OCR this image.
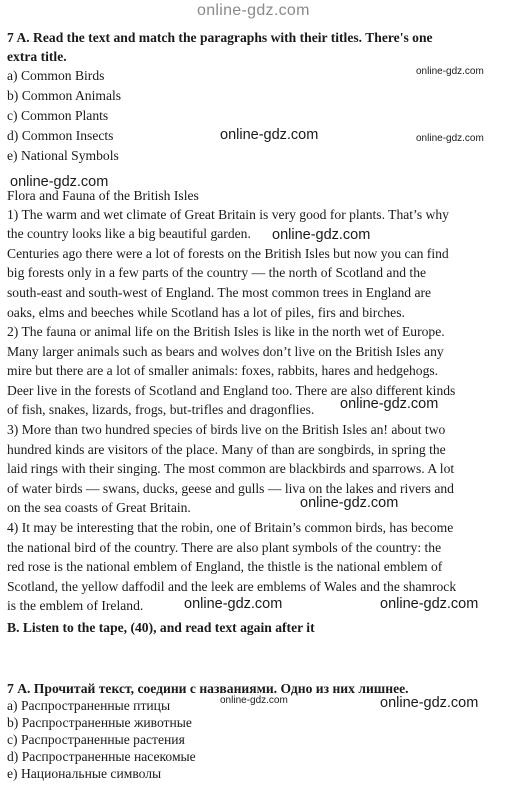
online-gdz.com
online-gdz.com
online-gdz.com	online-gdz.com
online-gdz.com
online-gdz.com
online-gdz.com
online-gdz.com
online-gdz.com	online-gdz.com
online-gdz.com	online-gdz.com
7 A. Read the text and match the paragraphs with their titles. There's one
extra title.
a) Common Birds
b) Common Animals
c) Common Plants
d) Common Insects
e) National Symbols
Flora and Fauna of the British Isles
1) The warm and wet climate of Great Britain is very good for plants. That’s why
the country looks like a big beautiful garden.
Centuries ago there were a lot of forests on the British Isles but now you can find
big forests only in a few parts of the country — the north of Scotland and the
south-east and south-west of England. The most common trees in England are
oaks, elms and beeches while Scotland has a lot of piles, firs and birches.
2) The fauna or animal life on the British Isles is like in the north wet of Europe.
Many larger animals such as bears and wolves don’t live on the British Isles any
mire but there are a lot of smaller animals: foxes, rabbits, hares and hedgehogs.
Deer live in the forests of Scotland and England too. There are also different kinds
of fish, snakes, lizards, frogs, but-trifles and dragonflies.
3) More than two hundred species of birds live on the British Isles an! about two
hundred kinds are visitors of the place. Many of than are songbirds, in spring the
laid rings with their singing. The most common are blackbirds and sparrows. A lot
of water birds — swans, ducks, geese and gulls — liva on the lakes and rivers and
on the sea coasts of Great Britain.
4) It may be interesting that the robin, one of Britain’s common birds, has become
the national bird of the country. There are also plant symbols of the country: the
red rose is the national emblem of England, the thistle is the national emblem of
Scotland, the yellow daffodil and the leek are emblems of Wales and the shamrock
is the emblem of Ireland.
B. Listen to the tape, (40), and read text again after it
7 А. Прочитай текст, соедини с названиями. Одно из них лишнее.
a) Распространенные птицы
b) Распространенные животные
c) Распространенные растения
d) Распространенные насекомые
e) Национальные символы
